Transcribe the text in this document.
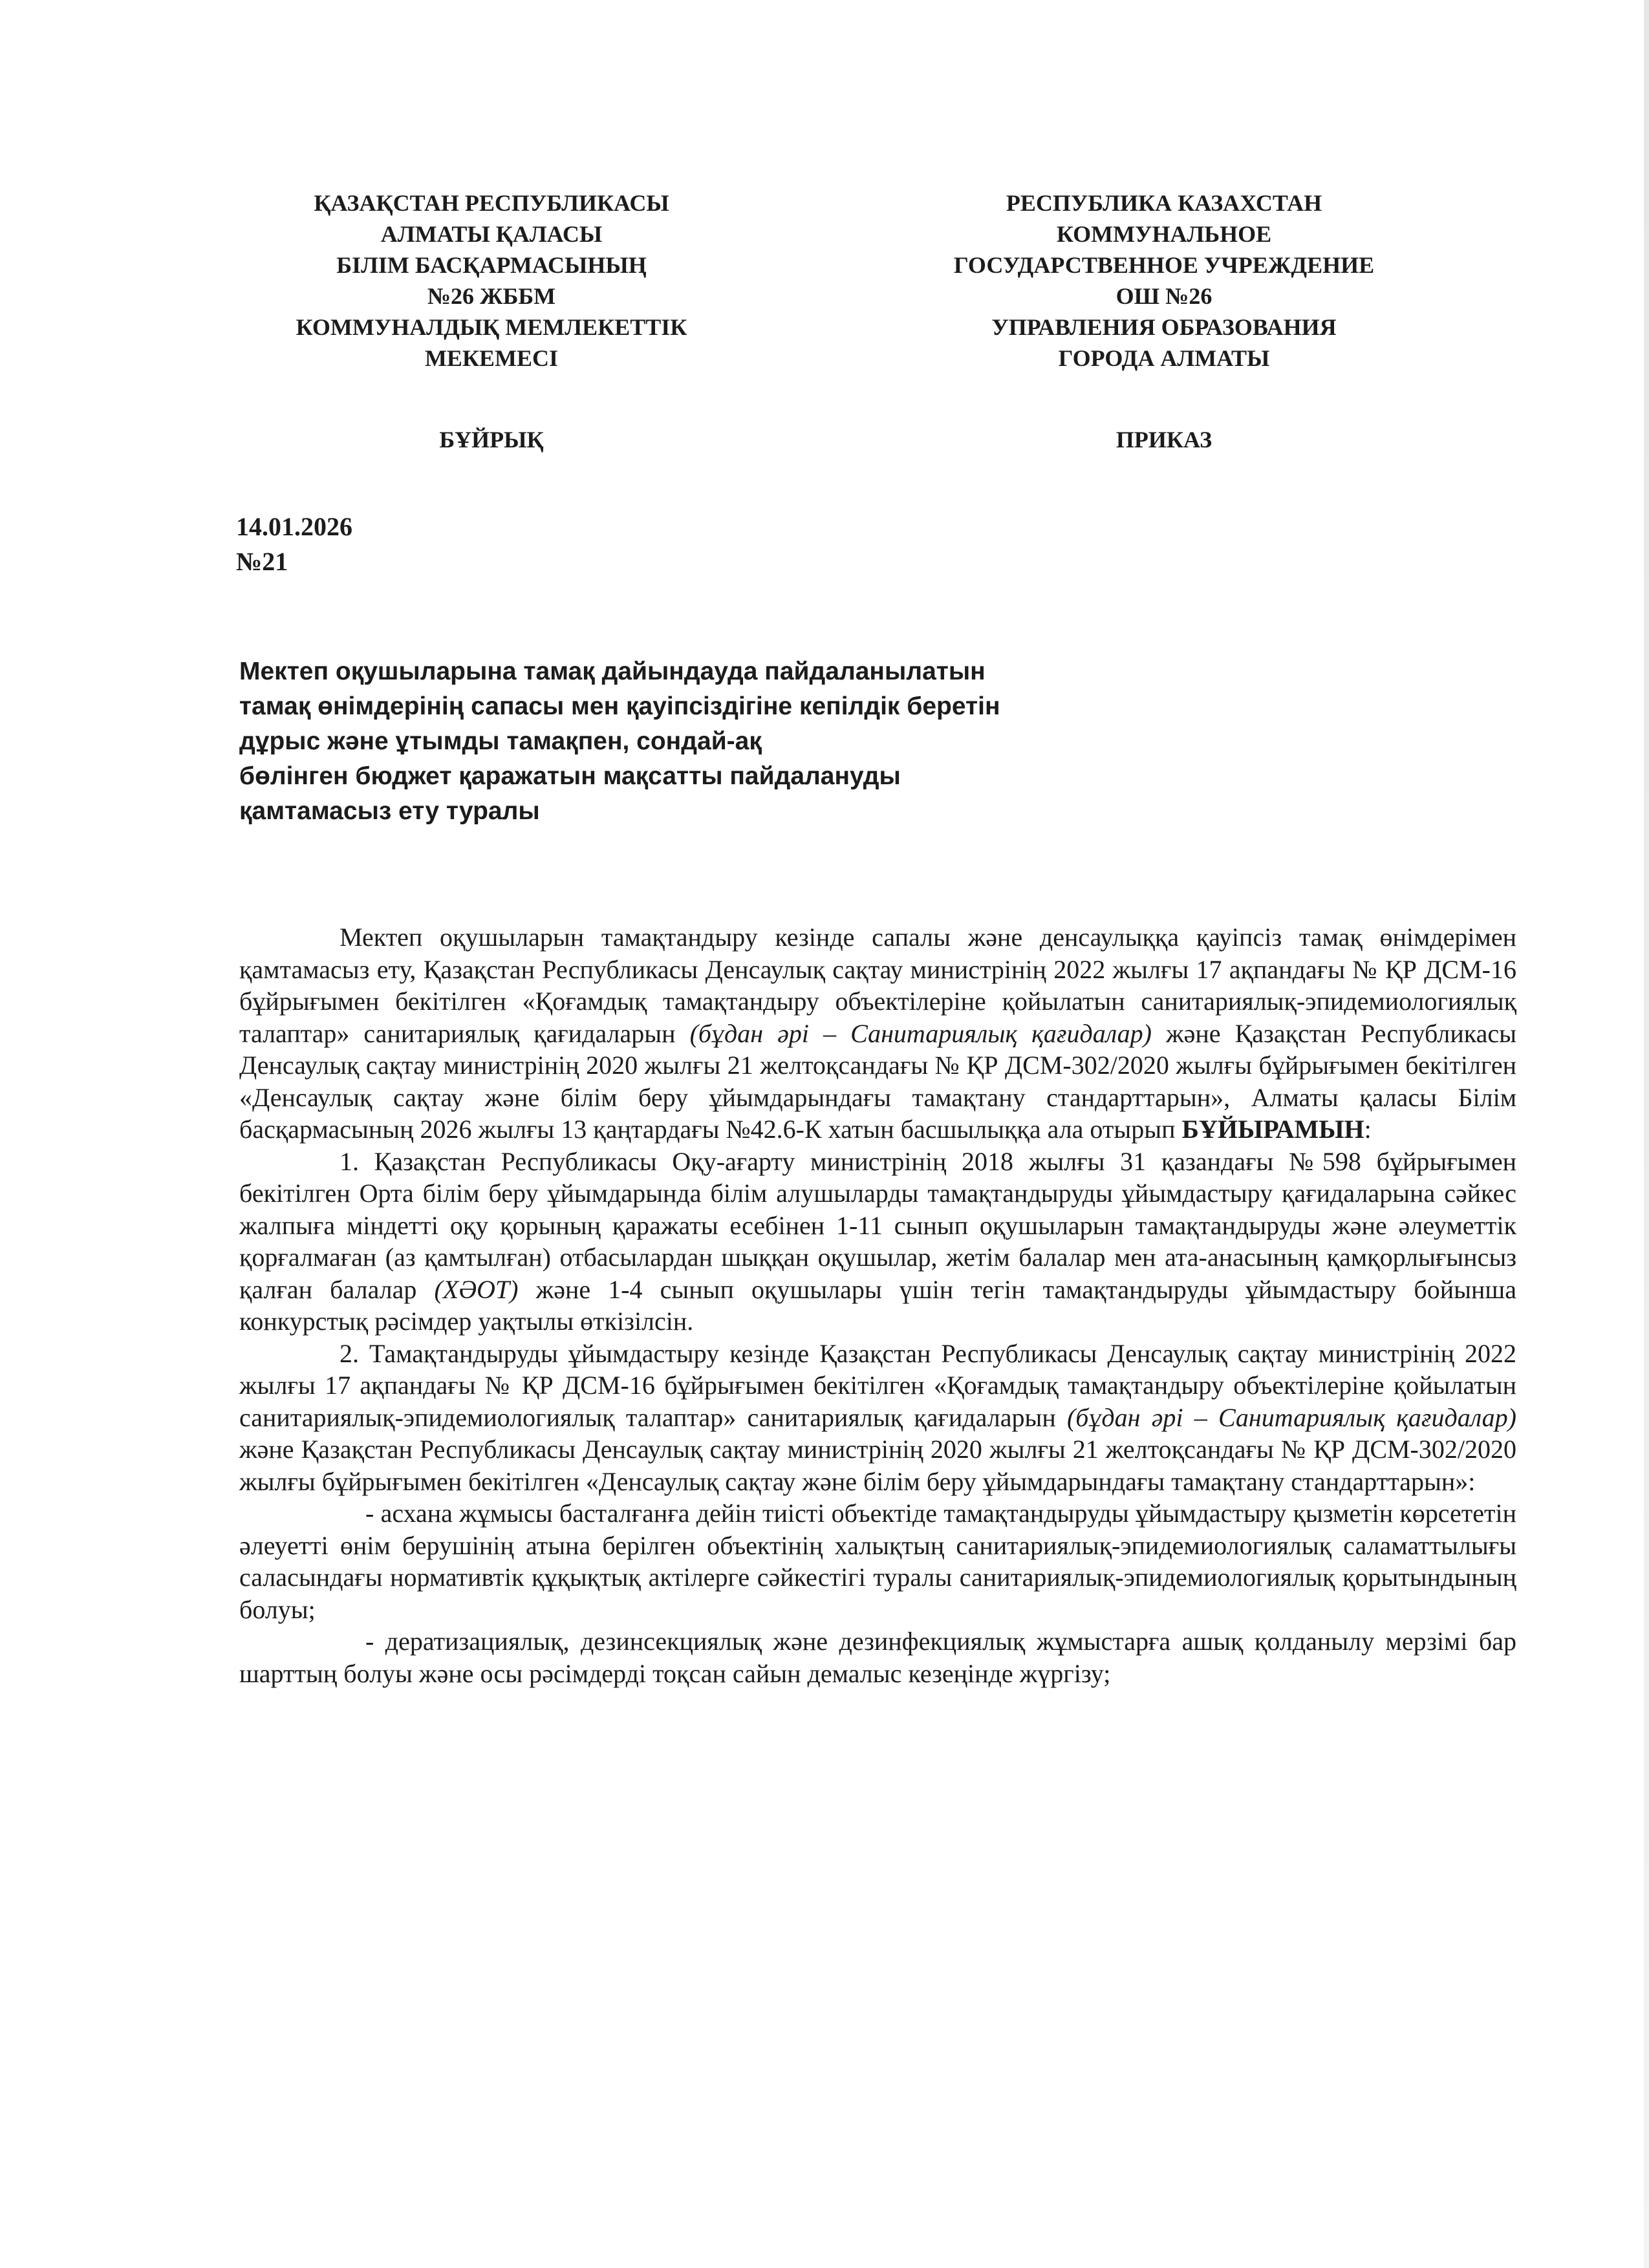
ҚАЗАҚСТАН РЕСПУБЛИКАСЫ
АЛМАТЫ ҚАЛАСЫ
БІЛІМ БАСҚАРМАСЫНЫҢ
№26 ЖББМ
КОММУНАЛДЫҚ МЕМЛЕКЕТТІК
МЕКЕМЕСІ
БҰЙРЫҚ
РЕСПУБЛИКА КАЗАХСТАН
КОММУНАЛЬНОЕ
ГОСУДАРСТВЕННОЕ УЧРЕЖДЕНИЕ
ОШ №26
УПРАВЛЕНИЯ ОБРАЗОВАНИЯ
ГОРОДА АЛМАТЫ
ПРИКАЗ
14.01.2026
№21
Мектеп оқушыларына тамақ дайындауда пайдаланылатын
тамақ өнімдерінің сапасы мен қауіпсіздігіне кепілдік беретін
дұрыс және ұтымды тамақпен, сондай-ақ
бөлінген бюджет қаражатын мақсатты пайдалануды
қамтамасыз ету туралы

Мектеп оқушыларын тамақтандыру кезінде сапалы және денсаулыққа қауіпсіз тамақ өнімдерімен қамтамасыз ету, Қазақстан Республикасы Денсаулық сақтау министрінің 2022 жылғы 17 ақпандағы № ҚР ДСМ-16 бұйрығымен бекітілген «Қоғамдық тамақтандыру объектілеріне қойылатын санитариялық-эпидемиологиялық талаптар» санитариялық қағидаларын (бұдан әрі – Санитариялық қағидалар) және Қазақстан Республикасы Денсаулық сақтау министрінің 2020 жылғы 21 желтоқсандағы № ҚР ДСМ-302/2020 жылғы бұйрығымен бекітілген «Денсаулық сақтау және білім беру ұйымдарындағы тамақтану стандарттарын», Алматы қаласы Білім басқармасының 2026 жылғы 13 қаңтардағы №42.6-К хатын басшылыққа ала отырып БҰЙЫРАМЫН:

1. Қазақстан Республикасы Оқу-ағарту министрінің 2018 жылғы 31 қазандағы №598 бұйрығымен бекітілген Орта білім беру ұйымдарында білім алушыларды тамақтандыруды ұйымдастыру қағидаларына сәйкес жалпыға міндетті оқу қорының қаражаты есебінен 1-11 сынып оқушыларын тамақтандыруды және әлеуметтік қорғалмаған (аз қамтылған) отбасылардан шыққан оқушылар, жетім балалар мен ата-анасының қамқорлығынсыз қалған балалар (ХӘОТ) және 1-4 сынып оқушылары үшін тегін тамақтандыруды ұйымдастыру бойынша конкурстық рәсімдер уақтылы өткізілсін.

2. Тамақтандыруды ұйымдастыру кезінде Қазақстан Республикасы Денсаулық сақтау министрінің 2022 жылғы 17 ақпандағы № ҚР ДСМ-16 бұйрығымен бекітілген «Қоғамдық тамақтандыру объектілеріне қойылатын санитариялық-эпидемиологиялық талаптар» санитариялық қағидаларын (бұдан әрі – Санитариялық қағидалар) және Қазақстан Республикасы Денсаулық сақтау министрінің 2020 жылғы 21 желтоқсандағы № ҚР ДСМ-302/2020 жылғы бұйрығымен бекітілген «Денсаулық сақтау және білім беру ұйымдарындағы тамақтану стандарттарын»:

- асхана жұмысы басталғанға дейін тиісті объектіде тамақтандыруды ұйымдастыру қызметін көрсететін әлеуетті өнім берушінің атына берілген объектінің халықтың санитариялық-эпидемиологиялық саламаттылығы саласындағы нормативтік құқықтық актілерге сәйкестігі туралы санитариялық-эпидемиологиялық қорытындының болуы;

- дератизациялық, дезинсекциялық және дезинфекциялық жұмыстарға ашық қолданылу мерзімі бар шарттың болуы және осы рәсімдерді тоқсан сайын демалыс кезеңінде жүргізу;
